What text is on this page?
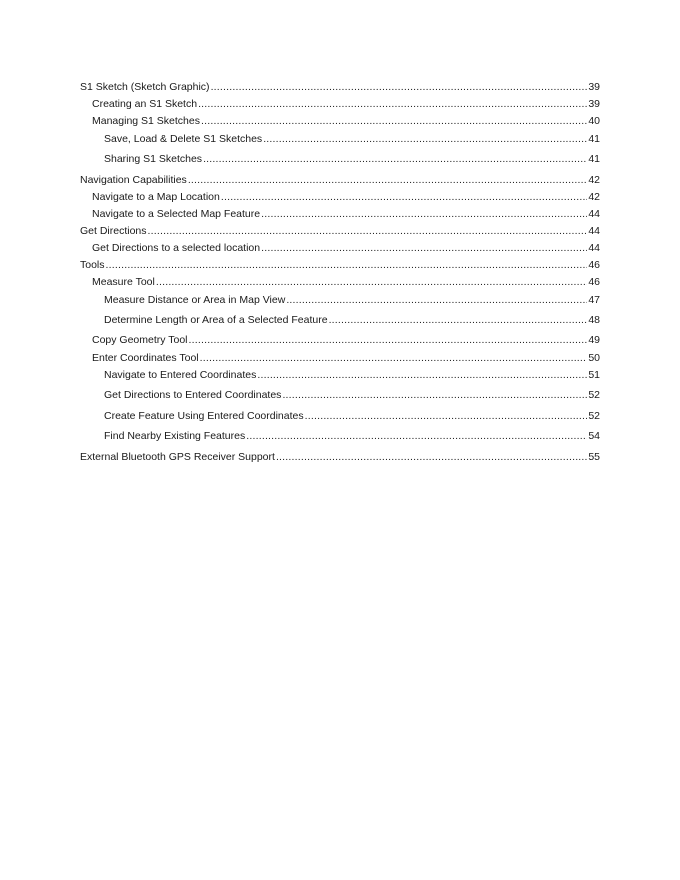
S1 Sketch (Sketch Graphic) .....	39
Creating an S1 Sketch .....	39
Managing S1 Sketches .....	40
Save, Load & Delete S1 Sketches .....	41
Sharing S1 Sketches .....	41
Navigation Capabilities .....	42
Navigate to a Map Location .....	42
Navigate to a Selected Map Feature .....	44
Get Directions .....	44
Get Directions to a selected location .....	44
Tools .....	46
Measure Tool .....	46
Measure Distance or Area in Map View .....	47
Determine Length or Area of a Selected Feature .....	48
Copy Geometry Tool .....	49
Enter Coordinates Tool .....	50
Navigate to Entered Coordinates .....	51
Get Directions to Entered Coordinates .....	52
Create Feature Using Entered Coordinates .....	52
Find Nearby Existing Features .....	54
External Bluetooth GPS Receiver Support .....	55
